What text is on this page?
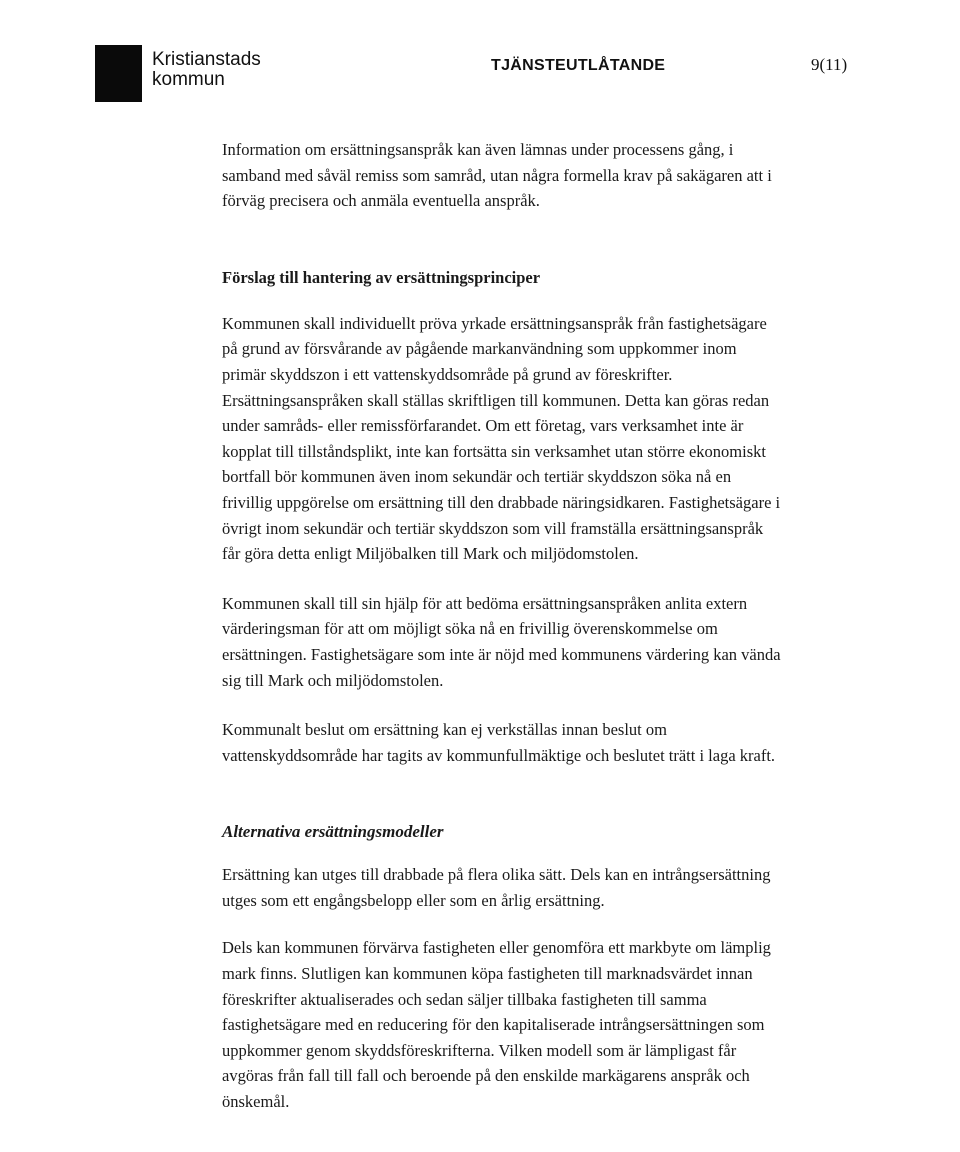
Kristianstads
kommun
TJÄNSTEUTLÅTANDE	9(11)

Information om ersättningsanspråk kan även lämnas under processens gång, i samband med såväl remiss som samråd, utan några formella krav på sakägaren att i förväg precisera och anmäla eventuella anspråk.

Förslag till hantering av ersättningsprinciper

Kommunen skall individuellt pröva yrkade ersättningsanspråk från fastighetsägare på grund av försvårande av pågående markanvändning som uppkommer inom primär skyddszon i ett vattenskyddsområde på grund av föreskrifter. Ersättningsanspråken skall ställas skriftligen till kommunen. Detta kan göras redan under samråds- eller remissförfarandet. Om ett företag, vars verksamhet inte är kopplat till tillståndsplikt, inte kan fortsätta sin verksamhet utan större ekonomiskt bortfall bör kommunen även inom sekundär och tertiär skyddszon söka nå en frivillig uppgörelse om ersättning till den drabbade näringsidkaren. Fastighetsägare i övrigt inom sekundär och tertiär skyddszon som vill framställa ersättningsanspråk får göra detta enligt Miljöbalken till Mark och miljödomstolen.

Kommunen skall till sin hjälp för att bedöma ersättningsanspråken anlita extern värderingsman för att om möjligt söka nå en frivillig överenskommelse om ersättningen. Fastighetsägare som inte är nöjd med kommunens värdering kan vända sig till Mark och miljödomstolen.

Kommunalt beslut om ersättning kan ej verkställas innan beslut om vattenskyddsområde har tagits av kommunfullmäktige och beslutet trätt i laga kraft.

Alternativa ersättningsmodeller

Ersättning kan utges till drabbade på flera olika sätt. Dels kan en intrångsersättning utges som ett engångsbelopp eller som en årlig ersättning.

Dels kan kommunen förvärva fastigheten eller genomföra ett markbyte om lämplig mark finns. Slutligen kan kommunen köpa fastigheten till marknadsvärdet innan föreskrifter aktualiserades och sedan säljer tillbaka fastigheten till samma fastighetsägare med en reducering för den kapitaliserade intrångsersättningen som uppkommer genom skyddsföreskrifterna. Vilken modell som är lämpligast får avgöras från fall till fall och beroende på den enskilde markägarens anspråk och önskemål.
